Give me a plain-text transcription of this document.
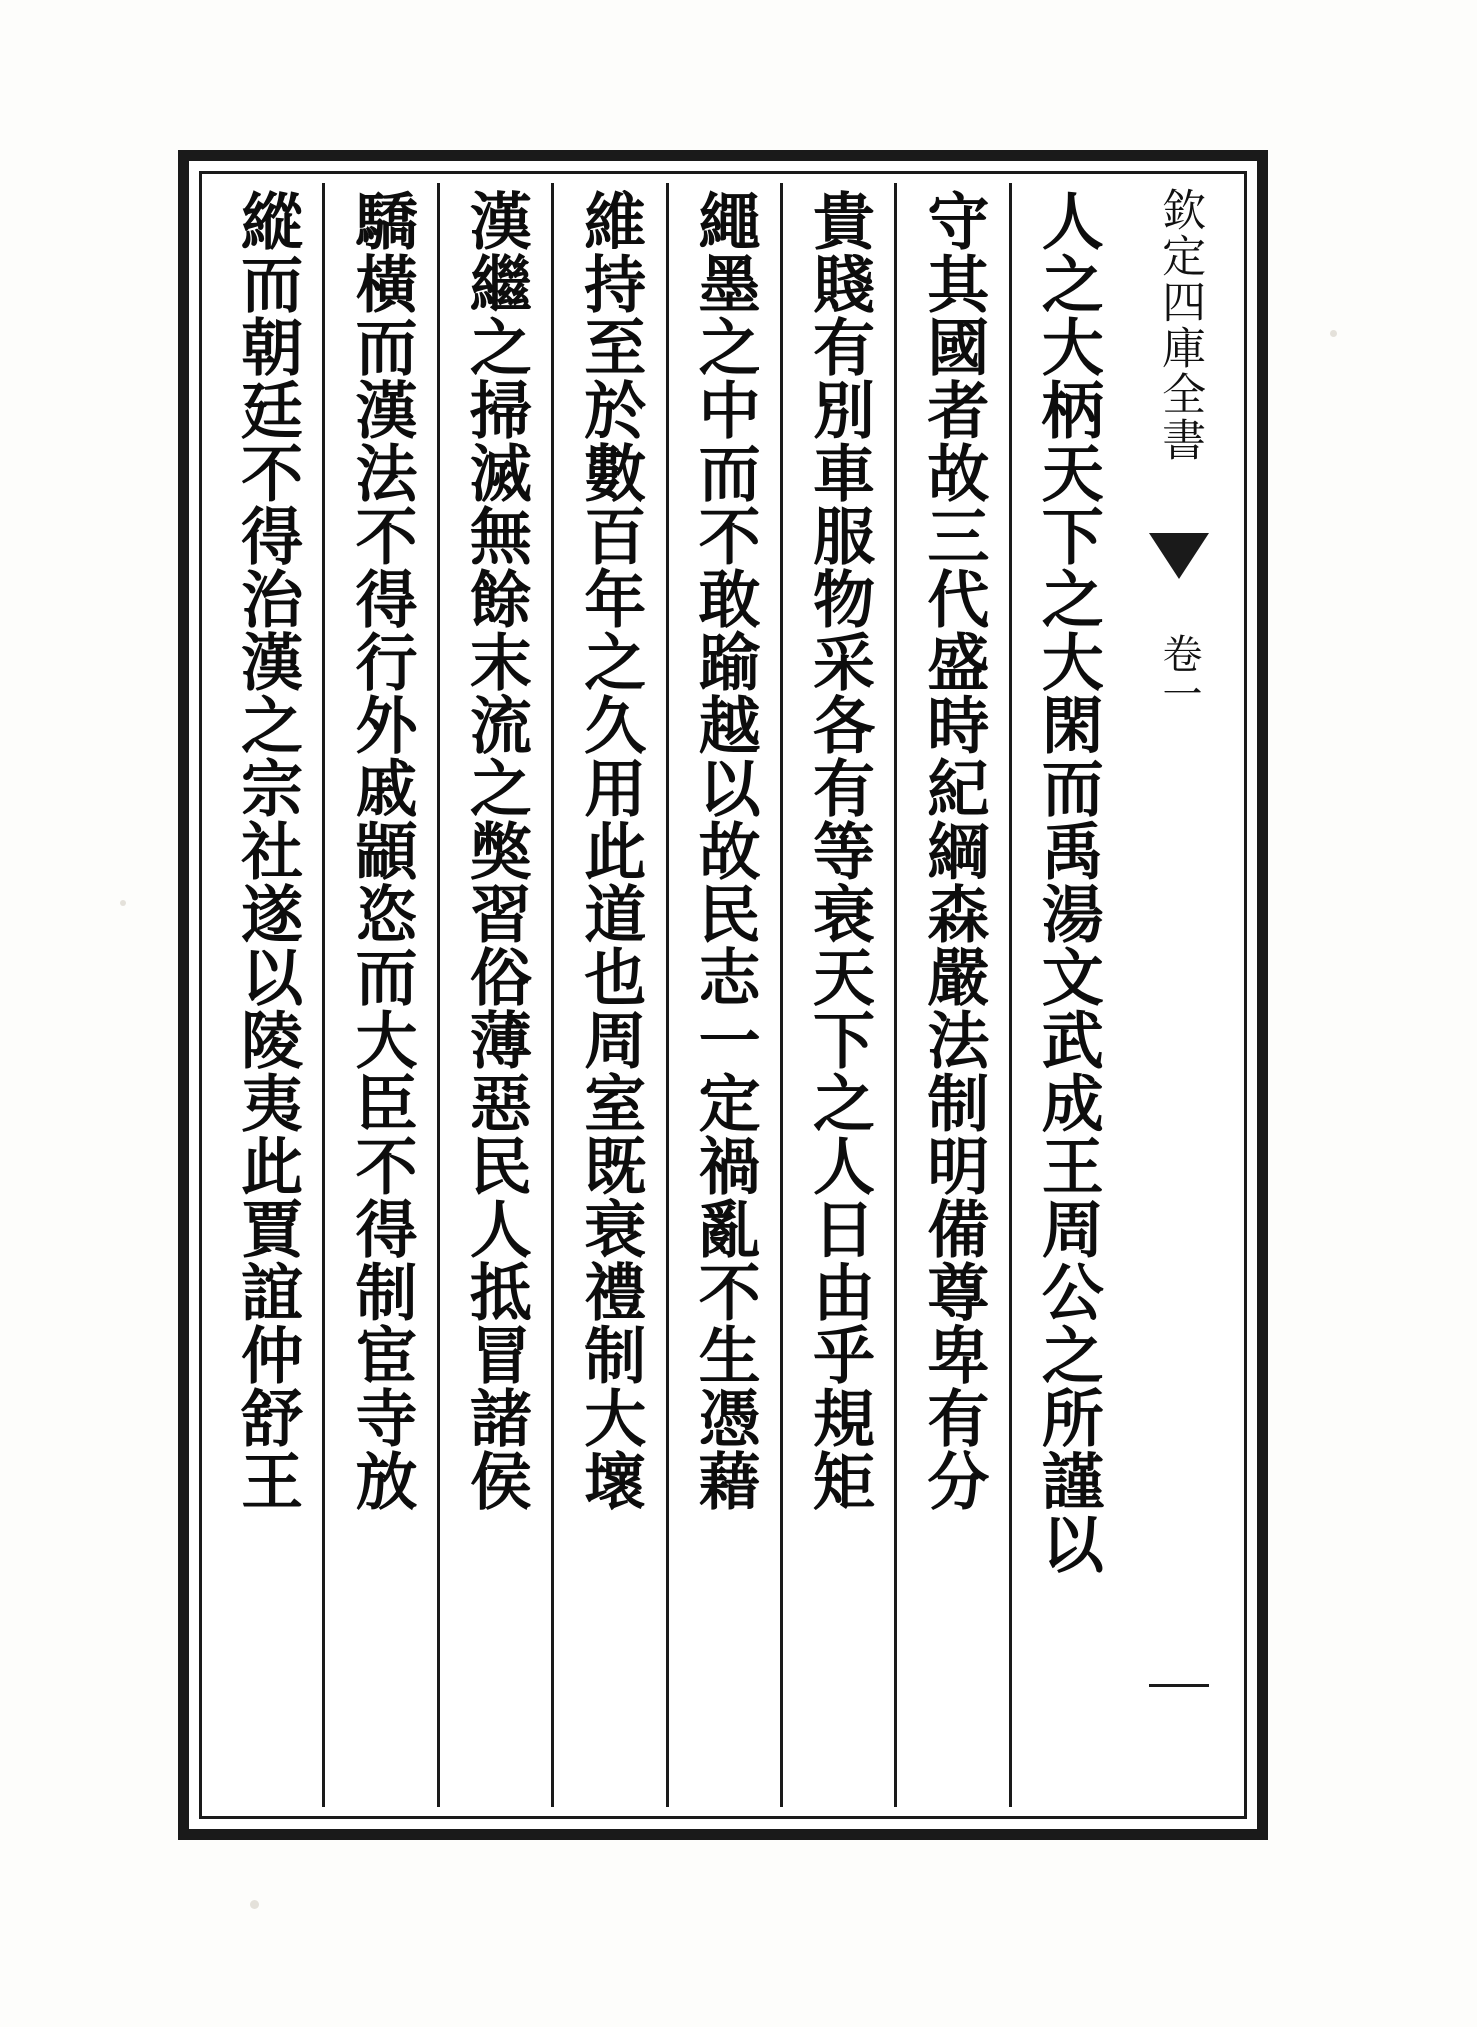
欽定四庫全書
卷一
人之大柄天下之大閑而禹湯文武成王周公之所謹以
守其國者故三代盛時紀綱森嚴法制明備尊卑有分
貴賤有別車服物采各有等衰天下之人日由乎規矩
繩墨之中而不敢踰越以故民志一定禍亂不生憑藉
維持至於數百年之久用此道也周室既衰禮制大壞
漢繼之掃滅無餘末流之獘習俗薄惡民人抵冒諸侯
驕橫而漢法不得行外戚顓恣而大臣不得制宦寺放
縱而朝廷不得治漢之宗社遂以陵夷此賈誼仲舒王
